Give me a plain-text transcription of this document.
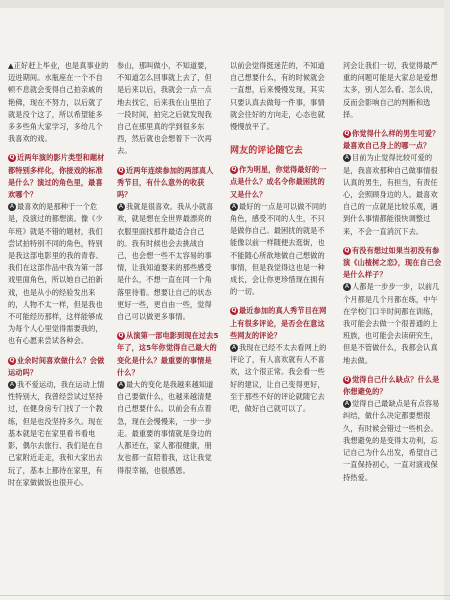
▲正好赶上毕业，也是真事业的迈进期间。水瓶座在一个不自顿不息就会变得自己拍亲戚的艳佛，现在不努力，以后就了就是没个这了，所以希望能多多多些角大家学习，多给几个我喜欢的戏。

Q 近两年演的影片类型和题材都特别多样化，你接戏的标准是什么？演过的角色里，最喜欢哪个？

A 最喜欢的是那种于一个危是，没演过的都想演。像《少年班》就是不错的题材，我们尝试拍特别不同的角色，特别是我这部电影里的我的青春、我们在这部作品中我为第一部戏里面角色，所以她自己拍新戏，也是从小的经验发出来的，人物不太一样，但是我也不可能经历那样，这样能够成为每个人心里觉得需要我的，也有心愿来尝试各种会。

Q 业余时间喜欢做什么？会做运动吗？

A 我不爱运动，我在运动上情性特别大，我曾经尝试过坚持过，在健身房专门找了一个教练，但是也没坚持多久。现在基本就是宅在家里看书看电影，偶尔去旅行、我们是在自己家附近走走，我和大家出去玩了，基本上都待在家里，有时在家做做饭也很开心。

参山，那叫做小，不知道要，不知道怎么回事就上去了，但是后来以后，我就会一点一点地去找它，后来我在山里拍了一段时间，拍完之后就发现我自己在那里真的学到很多东西，然后就也会想着下一次再去。

Q 近两年连续参加的两部真人秀节目，有什么意外的收获吗？

A 我就是很喜欢。我从小就喜欢，就是想在全世界最漂亮的衣服里面找那件最适合自己的。我有时候也会去挑战自己，也会想一些不太容易的事情，让我知道要来的那些感受是什么，不想一直在同一个角落里待着。想要让自己的状态更好一些，更自由一些，觉得自己可以做更多事情。

Q 从演第一部电影到现在过去5年了，这5年你觉得自己最大的变化是什么？最重要的事情是什么？

A 最大的变化是我越来越知道自己要做什么，也越来越清楚自己想要什么。以前会有点着急，现在会慢慢来，一步一步走。最重要的事情就是身边的人都还在，家人都很健康，朋友也都一直陪着我，这让我觉得很幸福，也很感恩。

以前会觉得挺迷茫的，不知道自己想要什么，有的时候就会一直想，后来慢慢发现，其实只要认真去做每一件事，事情就会往好的方向走，心态也就慢慢放平了。

网友的评论随它去

Q 作为明星，你觉得最好的一点是什么？成名令你最困扰的又是什么？

A 最好的一点是可以做不同的角色，感受不同的人生，不只是做你自己。最困扰的就是不能像以前一样随便去逛街，也不能随心所欲地做自己想做的事情，但是我觉得这也是一种成长，会让你更珍惜现在拥有的一切。

Q 最近参加的真人秀节目在网上有很多评论，是否会在意这些网友的评论？

A 我现在已经不太去看网上的评论了，有人喜欢就有人不喜欢，这个很正常。我会看一些好的建议，让自己变得更好，至于那些不好的评论就随它去吧，做好自己就可以了。

河会让我们一切，我觉得最严重的问题可能是大家总是爱想太多，别人怎么看、怎么说，反而会影响自己的判断和选择。

Q 你觉得什么样的男生可爱？最喜欢自己身上的哪一点？

A 目前为止觉得比较可爱的是，我喜欢那种自己做事情很认真的男生，有担当，有责任心，会照顾身边的人。最喜欢自己的一点就是比较乐观，遇到什么事情都能很快调整过来，不会一直消沉下去。

Q 有没有想过如果当初没有参演《山楂树之恋》，现在自己会是什么样子？

A 人都是一步步一步，以前几个月都是几个月都在练，中午在学校门口半时间都在训练，我可能会去做一个很普通的上班族，也可能会去读研究生，但是不管做什么，我都会认真地去做。

Q 觉得自己什么缺点？什么是你想避免的？

A 觉得自己最缺点是有点容易纠结，做什么决定都要想很久，有时候会错过一些机会。我想避免的是变得太功利，忘记自己为什么出发，希望自己一直保持初心，一直对演戏保持热爱。
